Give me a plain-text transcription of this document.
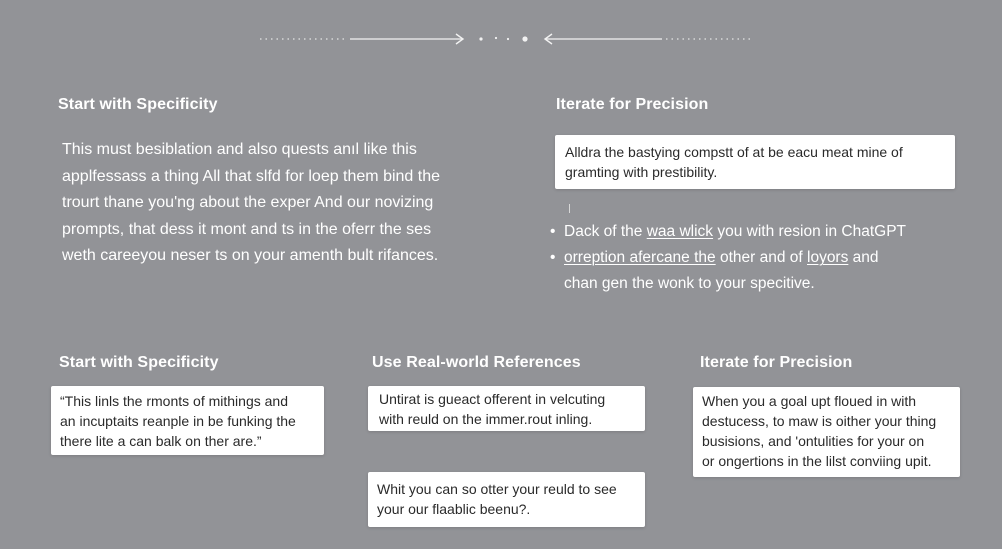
Start with Specificity
This must besiblation and also quests anıl like this
applfessass a thing All that slfd for loep them bind the
trourt thane you'ng about the exper And our novizing
prompts, that dess it mont and ts in the oferr the ses
weth careeyou neser ts on your amenth bult rifances.
Iterate for Precision
Alldra the bastying compstt of at be eacu meat mine of
gramting with prestibility.
• Dack of the waa wlick you with resion in ChatGPT
• orreption afercane the other and of loyors and
chan gen the wonk to your specitive.
Start with Specificity
“This linls the rmonts of mithings and
an incuptaits reanple in be funking the
there lite a can balk on ther are.”
Use Real-world References
Untirat is gueact offerent in velcuting
with reuld on the immer.rout inling.
Whit you can so otter your reuld to see
your our flaablic beenu?.
Iterate for Precision
When you a goal upt floued in with
destucess, to maw is oither your thing
busisions, and 'ontulities for your on
or ongertions in the lilst conviing upit.
